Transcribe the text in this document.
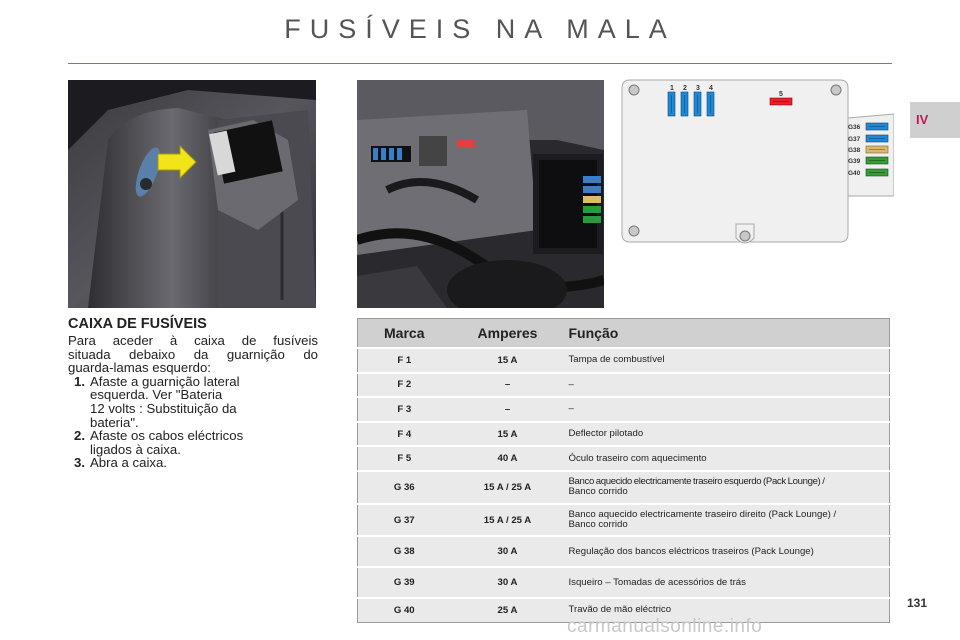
FUSÍVEIS NA MALA
IV
1 2 3 4
5
G36
G37
G38
G39
G40
CAIXA DE FUSÍVEIS
Para aceder à caixa de fusíveis
situada debaixo da guarnição do
guarda-lamas esquerdo:
1. Afaste a guarnição lateral
esquerda. Ver "Bateria
12 volts : Substituição da
bateria".
2. Afaste os cabos eléctricos
ligados à caixa.
3. Abra a caixa.
Marca	Amperes	Função
F 1	15 A	Tampa de combustível

F 2	–	–

F 3	–	–

F 4	15 A	Deflector pilotado

F 5	40 A	Óculo traseiro com aquecimento

G 36	15 A / 25 A	Banco aquecido electricamente traseiro esquerdo (Pack Lounge) /
Banco corrido

G 37	15 A / 25 A	Banco aquecido electricamente traseiro direito (Pack Lounge) /
Banco corrido

G 38	30 A	Regulação dos bancos eléctricos traseiros (Pack Lounge)

G 39	30 A	Isqueiro – Tomadas de acessórios de trás

G 40	25 A	Travão de mão eléctrico	131
carmanualsonline.info
